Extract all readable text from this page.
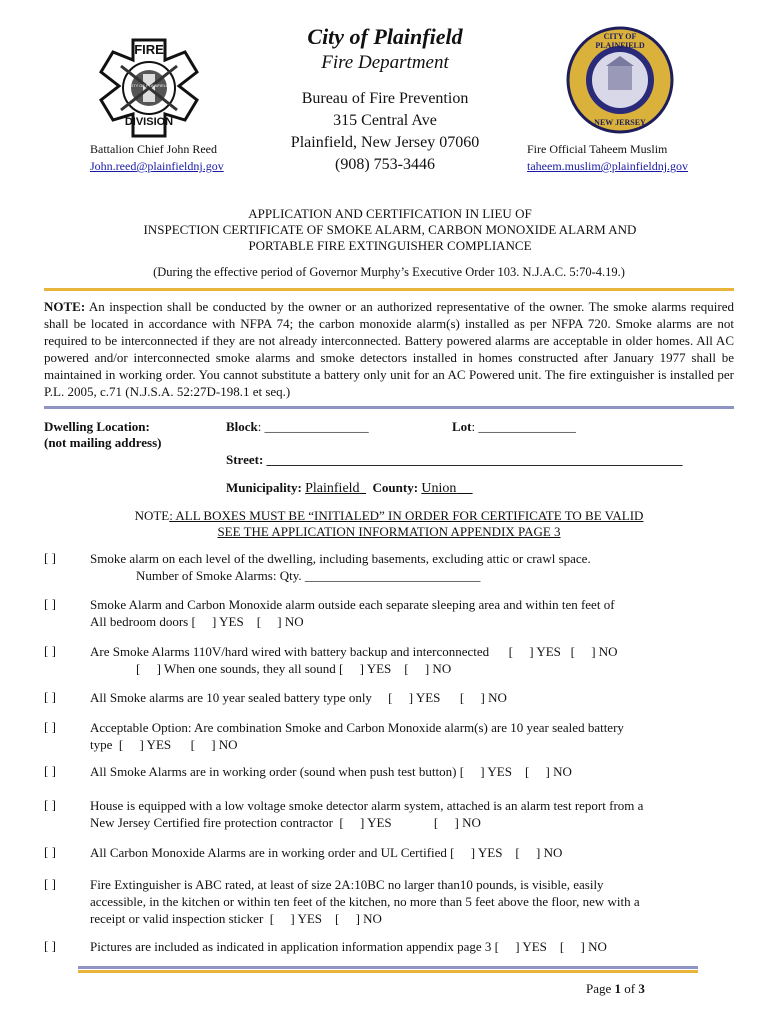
City of Plainfield
Fire Department
Bureau of Fire Prevention
315 Central Ave
Plainfield, New Jersey 07060
(908) 753-3446
FIRE
DIVISION
CITY OF PLAINFIELD
Battalion Chief John Reed
John.reed@plainfieldnj.gov
CITY OF PLAINFIELD
NEW JERSEY
Fire Official Taheem Muslim
taheem.muslim@plainfieldnj.gov
APPLICATION AND CERTIFICATION IN LIEU OF
INSPECTION CERTIFICATE OF SMOKE ALARM, CARBON MONOXIDE ALARM AND
PORTABLE FIRE EXTINGUISHER COMPLIANCE
(During the effective period of Governor Murphy’s Executive Order 103. N.J.A.C. 5:70-4.19.)
NOTE: An inspection shall be conducted by the owner or an authorized representative of the owner. The smoke alarms required shall be located in accordance with NFPA 74; the carbon monoxide alarm(s) installed as per NFPA 720. Smoke alarms are not required to be interconnected if they are not already interconnected. Battery powered alarms are acceptable in older homes. All AC powered and/or interconnected smoke alarms and smoke detectors installed in homes constructed after January 1977 shall be maintained in working order. You cannot substitute a battery only unit for an AC Powered unit. The fire extinguisher is installed per P.L. 2005, c.71 (N.J.S.A. 52:27D-198.1 et seq.)
Dwelling Location:
(not mailing address)
Block: ________________	Lot: _______________
Street: ________________________________________________________________
Municipality: Plainfield County: Union
NOTE: ALL BOXES MUST BE “INITIALED” IN ORDER FOR CERTIFICATE TO BE VALID
SEE THE APPLICATION INFORMATION APPENDIX PAGE 3
[ ]	Smoke alarm on each level of the dwelling, including basements, excluding attic or crawl space.
Number of Smoke Alarms: Qty. ___________________________
[ ]	Smoke Alarm and Carbon Monoxide alarm outside each separate sleeping area and within ten feet of
All bedroom doors [     ] YES    [     ] NO
[ ]	Are Smoke Alarms 110V/hard wired with battery backup and interconnected      [     ] YES   [     ] NO
[     ] When one sounds, they all sound [     ] YES    [     ] NO
[ ]	All Smoke alarms are 10 year sealed battery type only     [     ] YES      [     ] NO
[ ]	Acceptable Option: Are combination Smoke and Carbon Monoxide alarm(s) are 10 year sealed battery
type  [     ] YES      [     ] NO
[ ]	All Smoke Alarms are in working order (sound when push test button) [     ] YES    [     ] NO
[ ]	House is equipped with a low voltage smoke detector alarm system, attached is an alarm test report from a
New Jersey Certified fire protection contractor  [     ] YES             [     ] NO
[ ]	All Carbon Monoxide Alarms are in working order and UL Certified [     ] YES    [     ] NO
[ ]	Fire Extinguisher is ABC rated, at least of size 2A:10BC no larger than10 pounds, is visible, easily
accessible, in the kitchen or within ten feet of the kitchen, no more than 5 feet above the floor, new with a
receipt or valid inspection sticker  [     ] YES    [     ] NO
[ ]	Pictures are included as indicated in application information appendix page 3 [     ] YES    [     ] NO
Page 1 of 3
